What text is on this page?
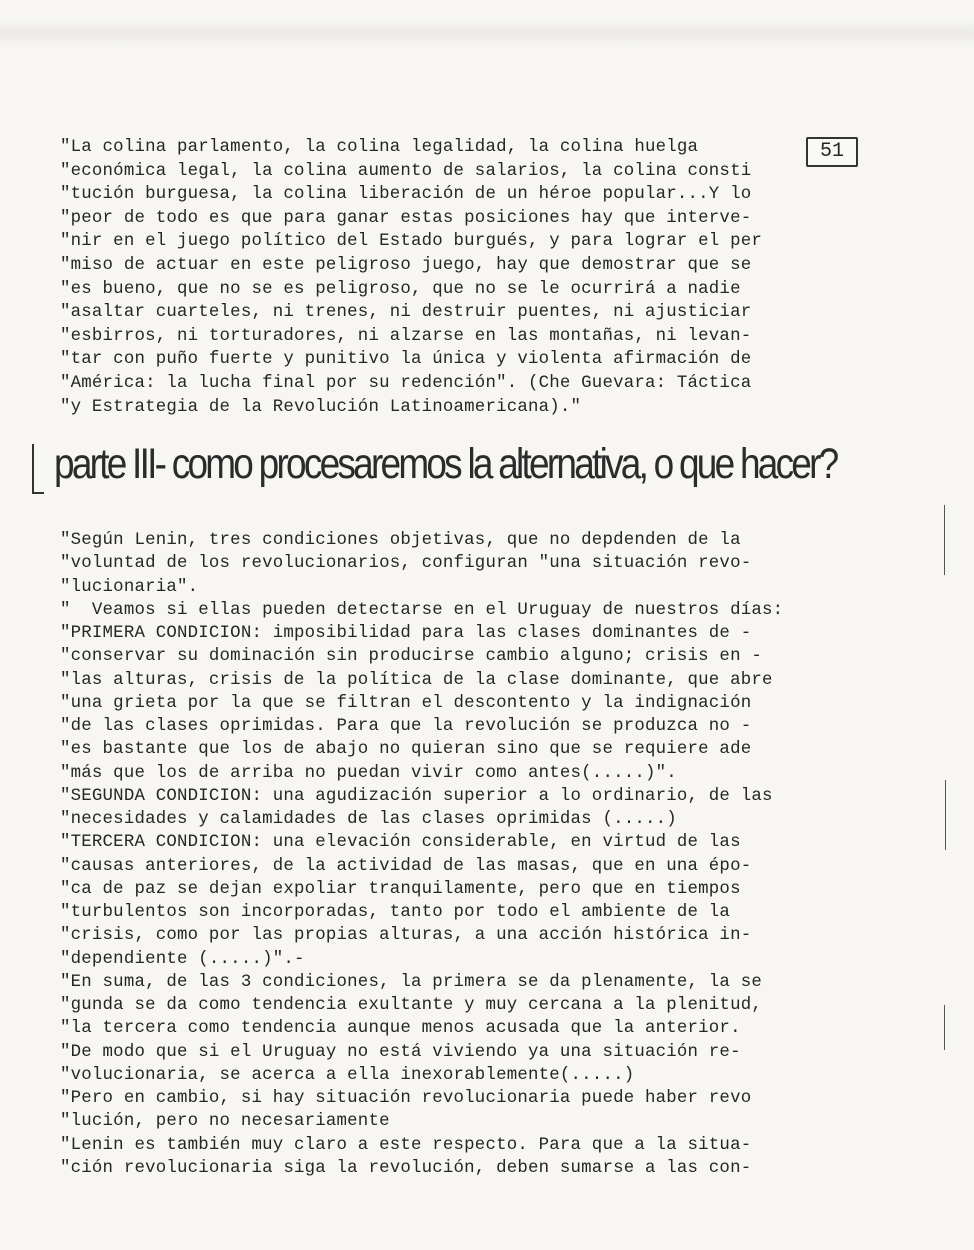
51
"La colina parlamento, la colina legalidad, la colina huelga
"económica legal, la colina aumento de salarios, la colina consti
"tución burguesa, la colina liberación de un héroe popular...Y lo
"peor de todo es que para ganar estas posiciones hay que interve-
"nir en el juego político del Estado burgués, y para lograr el per
"miso de actuar en este peligroso juego, hay que demostrar que se
"es bueno, que no se es peligroso, que no se le ocurrirá a nadie
"asaltar cuarteles, ni trenes, ni destruir puentes, ni ajusticiar
"esbirros, ni torturadores, ni alzarse en las montañas, ni levan-
"tar con puño fuerte y punitivo la única y violenta afirmación de
"América: la lucha final por su redención". (Che Guevara: Táctica
"y Estrategia de la Revolución Latinoamericana)."
parte III- como procesaremos la alternativa, o que hacer?
"Según Lenin, tres condiciones objetivas, que no depdenden de la
"voluntad de los revolucionarios, configuran "una situación revo-
"lucionaria".
"  Veamos si ellas pueden detectarse en el Uruguay de nuestros días:
"PRIMERA CONDICION: imposibilidad para las clases dominantes de -
"conservar su dominación sin producirse cambio alguno; crisis en -
"las alturas, crisis de la política de la clase dominante, que abre
"una grieta por la que se filtran el descontento y la indignación
"de las clases oprimidas. Para que la revolución se produzca no -
"es bastante que los de abajo no quieran sino que se requiere ade
"más que los de arriba no puedan vivir como antes(.....)".
"SEGUNDA CONDICION: una agudización superior a lo ordinario, de las
"necesidades y calamidades de las clases oprimidas (.....)
"TERCERA CONDICION: una elevación considerable, en virtud de las
"causas anteriores, de la actividad de las masas, que en una épo-
"ca de paz se dejan expoliar tranquilamente, pero que en tiempos
"turbulentos son incorporadas, tanto por todo el ambiente de la
"crisis, como por las propias alturas, a una acción histórica in-
"dependiente (.....)".-
"En suma, de las 3 condiciones, la primera se da plenamente, la se
"gunda se da como tendencia exultante y muy cercana a la plenitud,
"la tercera como tendencia aunque menos acusada que la anterior.
"De modo que si el Uruguay no está viviendo ya una situación re-
"volucionaria, se acerca a ella inexorablemente(.....)
"Pero en cambio, si hay situación revolucionaria puede haber revo
"lución, pero no necesariamente
"Lenin es también muy claro a este respecto. Para que a la situa-
"ción revolucionaria siga la revolución, deben sumarse a las con-
